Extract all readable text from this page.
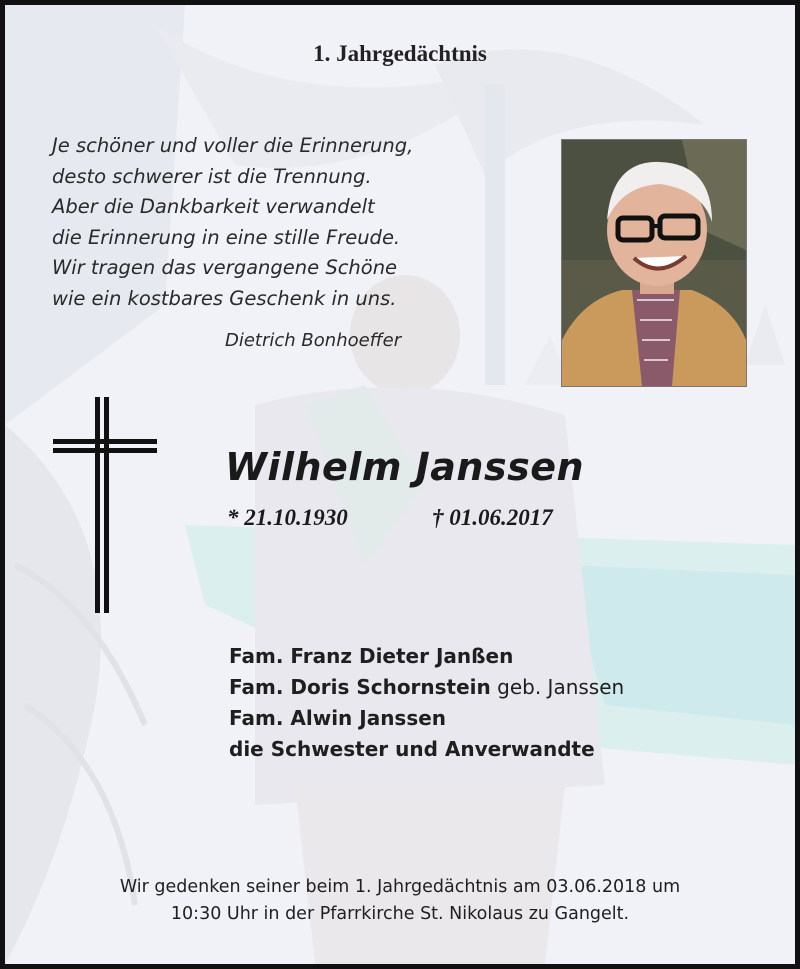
1. Jahrgedächtnis
Je schöner und voller die Erinnerung,
desto schwerer ist die Trennung.
Aber die Dankbarkeit verwandelt
die Erinnerung in eine stille Freude.
Wir tragen das vergangene Schöne
wie ein kostbares Geschenk in uns.
Dietrich Bonhoeffer
Wilhelm Janssen
* 21.10.1930	† 01.06.2017
Fam. Franz Dieter Janßen
Fam. Doris Schornstein geb. Janssen
Fam. Alwin Janssen
die Schwester und Anverwandte
Wir gedenken seiner beim 1. Jahrgedächtnis am 03.06.2018 um
10:30 Uhr in der Pfarrkirche St. Nikolaus zu Gangelt.
